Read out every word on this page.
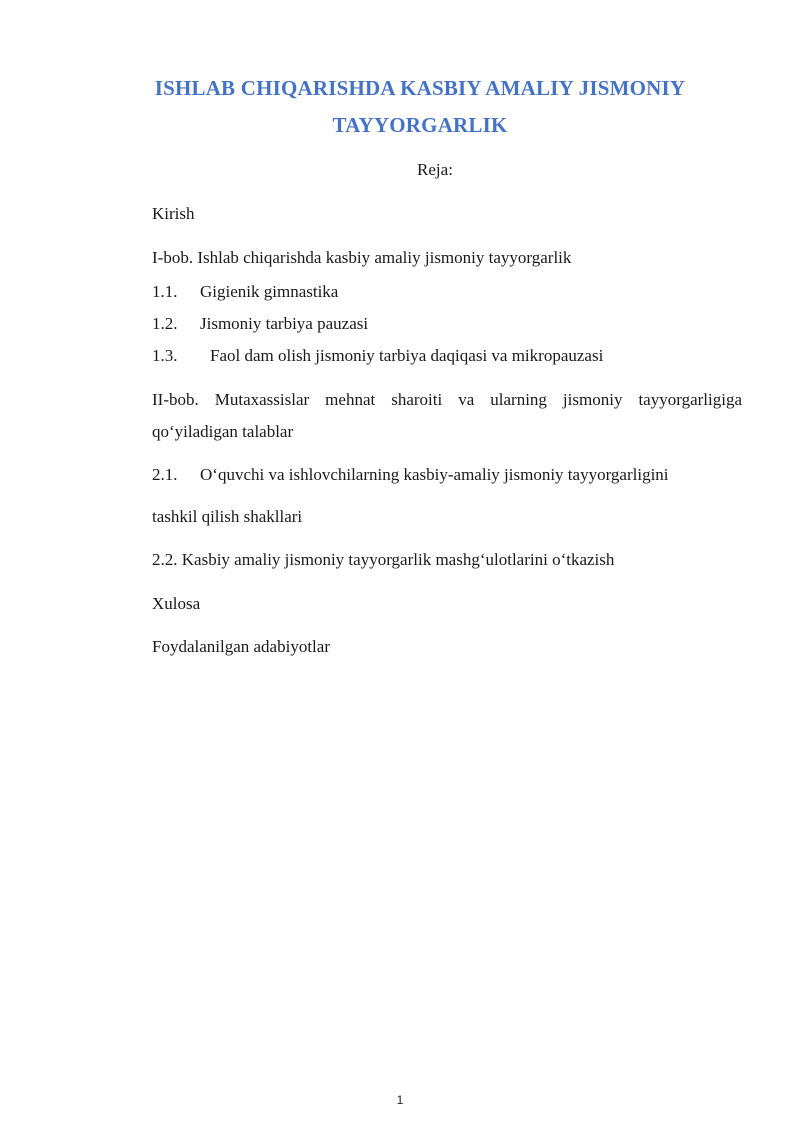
ISHLAB CHIQARISHDA KASBIY AMALIY JISMONIY
TAYYORGARLIK
Reja:
Kirish
I-bob. Ishlab chiqarishda kasbiy amaliy jismoniy tayyorgarlik
1.1. Gigienik gimnastika
1.2. Jismoniy tarbiya pauzasi
1.3. Faol dam olish jismoniy tarbiya daqiqasi va mikropauzasi
II-bob. Mutaxassislar mehnat sharoiti va ularning jismoniy tayyorgarligiga
qo‘yiladigan talablar
2.1. O‘quvchi va ishlovchilarning kasbiy-amaliy jismoniy tayyorgarligini
tashkil qilish shakllari
2.2. Kasbiy amaliy jismoniy tayyorgarlik mashg‘ulotlarini o‘tkazish
Xulosa
Foydalanilgan adabiyotlar
1
